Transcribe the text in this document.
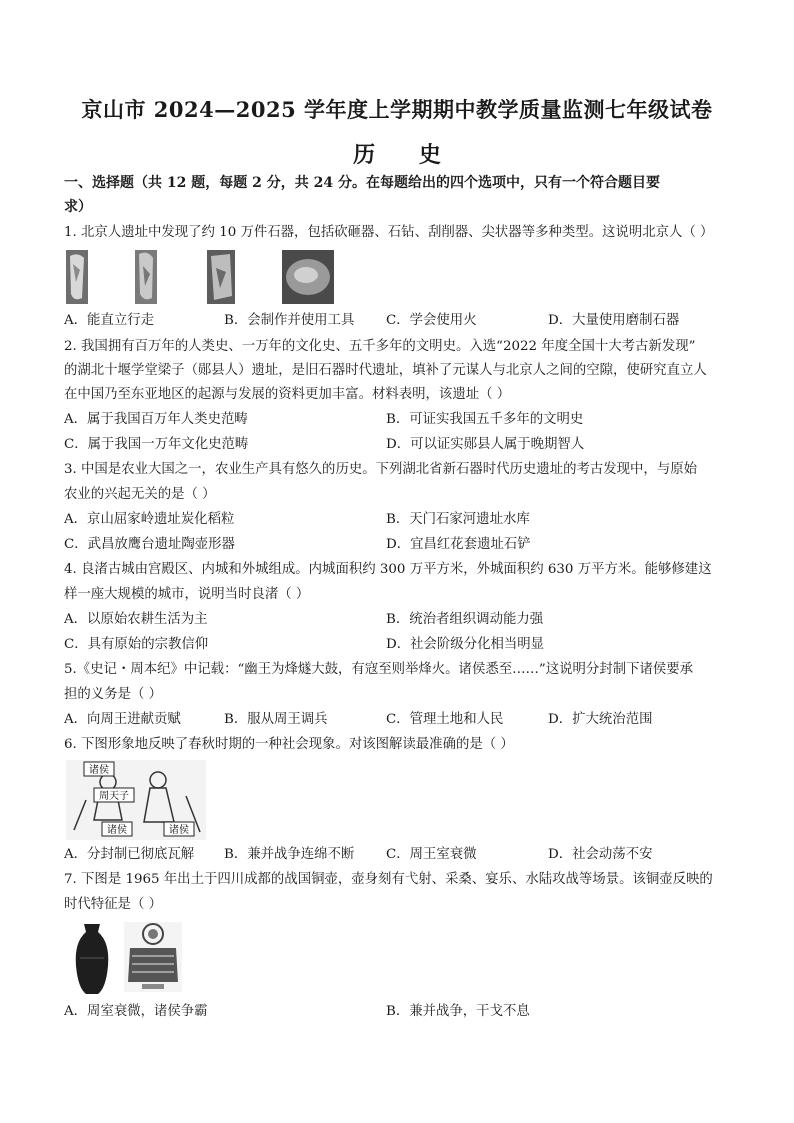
京山市 2024—2025 学年度上学期期中教学质量监测七年级试卷
历 史
一、选择题（共 12 题，每题 2 分，共 24 分。在每题给出的四个选项中，只有一个符合题目要
求）
1. 北京人遗址中发现了约 10 万件石器，包括砍砸器、石钻、刮削器、尖状器等多种类型。这说明北京人（ ）
A．能直立行走	B．会制作并使用工具 C．学会使用火	D．大量使用磨制石器
2. 我国拥有百万年的人类史、一万年的文化史、五千多年的文明史。入选“2022 年度全国十大考古新发现”
的湖北十堰学堂梁子（郧县人）遗址，是旧石器时代遗址，填补了元谋人与北京人之间的空隙，使研究直立人
在中国乃至东亚地区的起源与发展的资料更加丰富。材料表明，该遗址（ ）
A．属于我国百万年人类史范畴	B．可证实我国五千多年的文明史
C．属于我国一万年文化史范畴	D．可以证实郧县人属于晚期智人
3. 中国是农业大国之一，农业生产具有悠久的历史。下列湖北省新石器时代历史遗址的考古发现中，与原始
农业的兴起无关的是（ ）
A．京山屈家岭遗址炭化稻粒	B．天门石家河遗址水库
C．武昌放鹰台遗址陶壶形器	D．宜昌红花套遗址石铲
4. 良渚古城由宫殿区、内城和外城组成。内城面积约 300 万平方米，外城面积约 630 万平方米。能够修建这
样一座大规模的城市，说明当时良渚（ ）
A．以原始农耕生活为主	B．统治者组织调动能力强
C．具有原始的宗教信仰	D．社会阶级分化相当明显
5.《史记・周本纪》中记载：“幽王为烽燧大鼓，有寇至则举烽火。诸侯悉至……”这说明分封制下诸侯要承
担的义务是（ ）
A．向周王进献贡赋	B．服从周王调兵	C．管理土地和人民	D．扩大统治范围
6. 下图形象地反映了春秋时期的一种社会现象。对该图解读最准确的是（ ）
诸侯
周天子
诸侯	诸侯
A．分封制已彻底瓦解 B．兼并战争连绵不断 C．周王室衰微	D．社会动荡不安
7. 下图是 1965 年出土于四川成都的战国铜壶，壶身刻有弋射、采桑、宴乐、水陆攻战等场景。该铜壶反映的
时代特征是（ ）
A．周室衰微，诸侯争霸	B．兼并战争，干戈不息
